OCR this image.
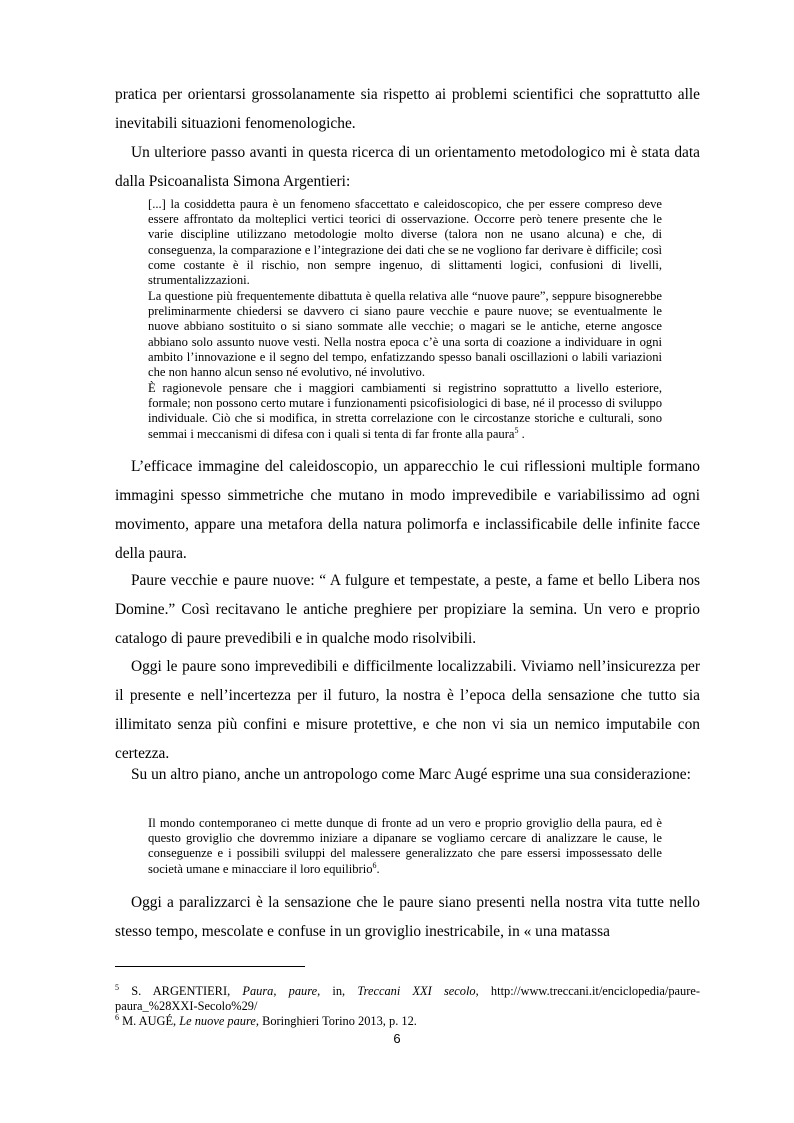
pratica per orientarsi grossolanamente sia rispetto ai problemi scientifici che soprattutto alle inevitabili situazioni fenomenologiche.

Un ulteriore passo avanti in questa ricerca di un orientamento metodologico mi è stata data dalla Psicoanalista Simona Argentieri:

[...] la cosiddetta paura è un fenomeno sfaccettato e caleidoscopico, che per essere compreso deve essere affrontato da molteplici vertici teorici di osservazione. Occorre però tenere presente che le varie discipline utilizzano metodologie molto diverse (talora non ne usano alcuna) e che, di conseguenza, la comparazione e l’integrazione dei dati che se ne vogliono far derivare è difficile; così come costante è il rischio, non sempre ingenuo, di slittamenti logici, confusioni di livelli, strumentalizzazioni.

La questione più frequentemente dibattuta è quella relativa alle “nuove paure”, seppure bisognerebbe preliminarmente chiedersi se davvero ci siano paure vecchie e paure nuove; se eventualmente le nuove abbiano sostituito o si siano sommate alle vecchie; o magari se le antiche, eterne angosce abbiano solo assunto nuove vesti. Nella nostra epoca c’è una sorta di coazione a individuare in ogni ambito l’innovazione e il segno del tempo, enfatizzando spesso banali oscillazioni o labili variazioni che non hanno alcun senso né evolutivo, né involutivo.

È ragionevole pensare che i maggiori cambiamenti si registrino soprattutto a livello esteriore, formale; non possono certo mutare i funzionamenti psicofisiologici di base, né il processo di sviluppo individuale. Ciò che si modifica, in stretta correlazione con le circostanze storiche e culturali, sono semmai i meccanismi di difesa con i quali si tenta di far fronte alla paura$^5$ .

L’efficace immagine del caleidoscopio, un apparecchio le cui riflessioni multiple formano immagini spesso simmetriche che mutano in modo imprevedibile e variabilissimo ad ogni movimento, appare una metafora della natura polimorfa e inclassificabile delle infinite facce della paura.

Paure vecchie e paure nuove: “ A fulgure et tempestate, a peste, a fame et bello Libera nos Domine.” Così recitavano le antiche preghiere per propiziare la semina. Un vero e proprio catalogo di paure prevedibili e in qualche modo risolvibili.

Oggi le paure sono imprevedibili e difficilmente localizzabili. Viviamo nell’insicurezza per il presente e nell’incertezza per il futuro, la nostra è l’epoca della sensazione che tutto sia illimitato senza più confini e misure protettive, e che non vi sia un nemico imputabile con certezza.

Su un altro piano, anche un antropologo come Marc Augé esprime una sua considerazione:

Il mondo contemporaneo ci mette dunque di fronte ad un vero e proprio groviglio della paura, ed è questo groviglio che dovremmo iniziare a dipanare se vogliamo cercare di analizzare le cause, le conseguenze e i possibili sviluppi del malessere generalizzato che pare essersi impossessato delle società umane e minacciare il loro equilibrio$^6$.

Oggi a paralizzarci è la sensazione che le paure siano presenti nella nostra vita tutte nello stesso tempo, mescolate e confuse in un groviglio inestricabile, in « una matassa

$^5$ S. ARGENTIERI, Paura, paure, in, Treccani XXI secolo, http://www.treccani.it/enciclopedia/paure-paura_%28XXI-Secolo%29/

$^6$ M. AUGÉ, Le nuove paure, Boringhieri Torino 2013, p. 12.

6
